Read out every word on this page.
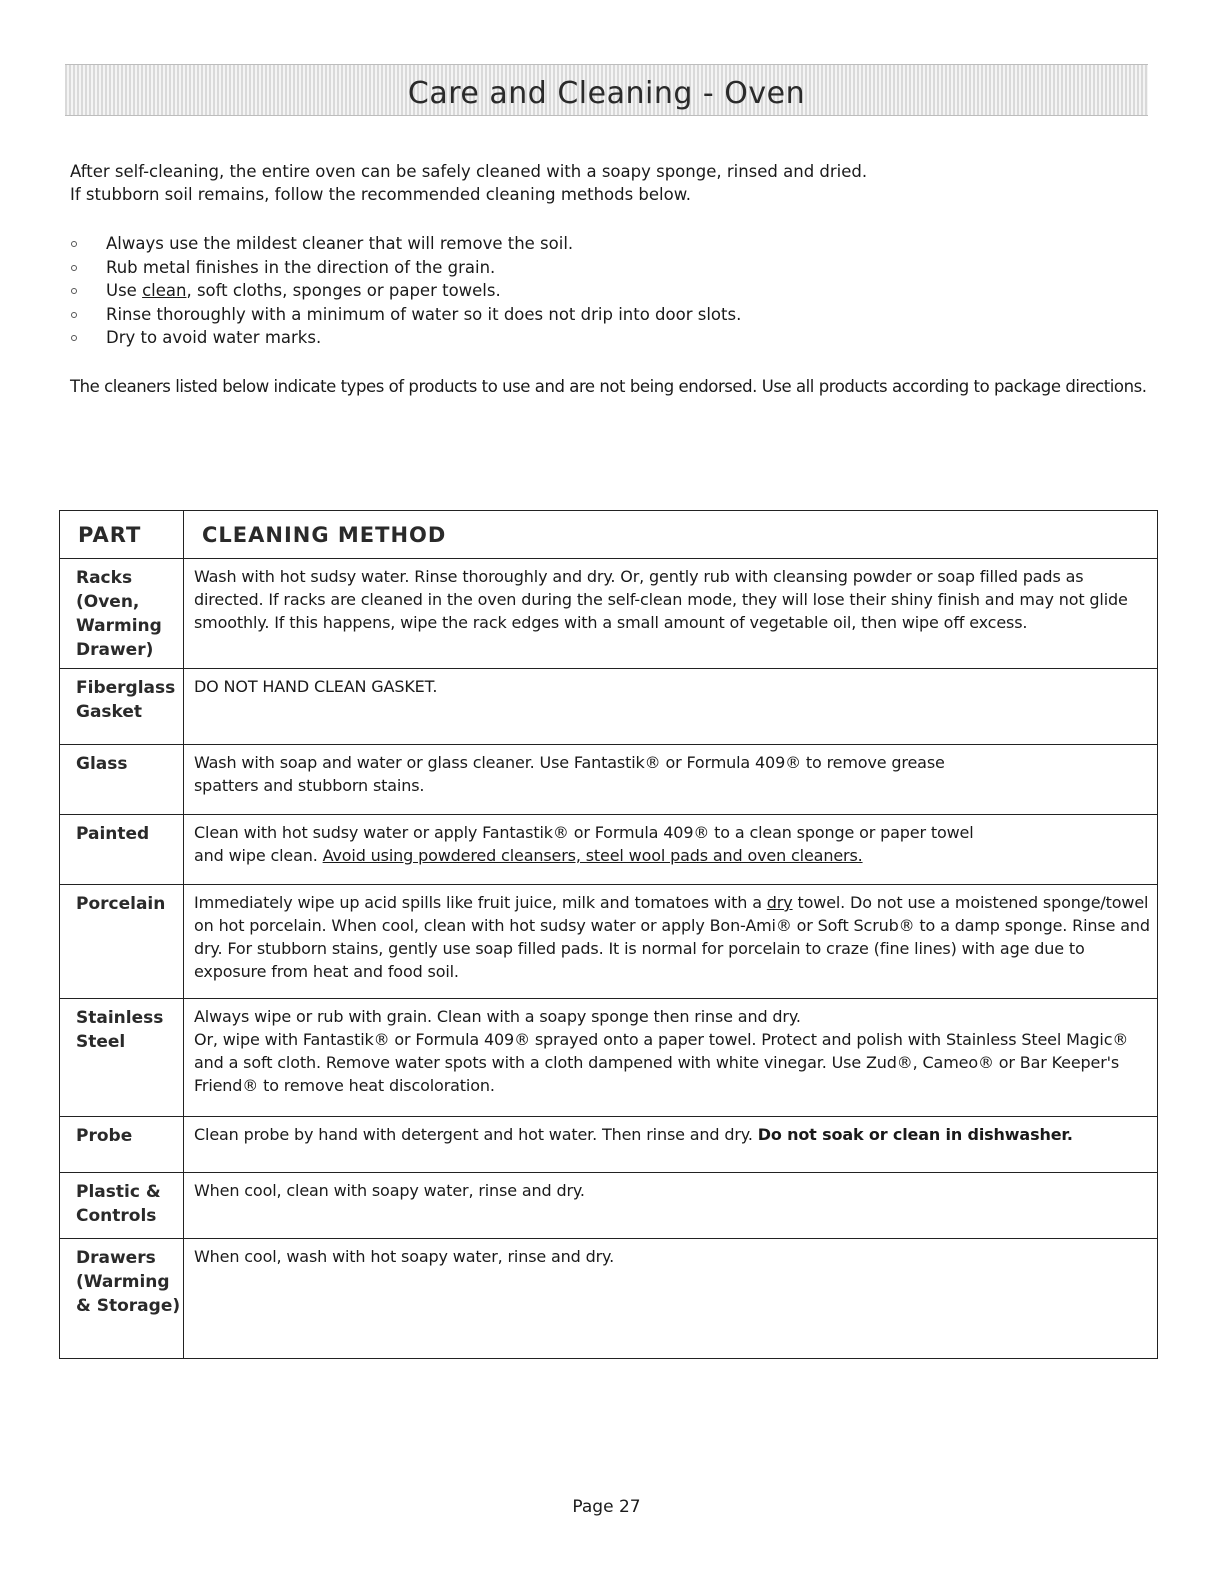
Care and Cleaning - Oven
After self-cleaning, the entire oven can be safely cleaned with a soapy sponge, rinsed and dried.
If stubborn soil remains, follow the recommended cleaning methods below.
Always use the mildest cleaner that will remove the soil.
Rub metal finishes in the direction of the grain.
Use clean, soft cloths, sponges or paper towels.
Rinse thoroughly with a minimum of water so it does not drip into door slots.
Dry to avoid water marks.
The cleaners listed below indicate types of products to use and are not being endorsed. Use all products according to package directions.
PART	CLEANING METHOD
Racks (Oven, Warming Drawer)	Wash with hot sudsy water. Rinse thoroughly and dry. Or, gently rub with cleansing powder or soap filled pads as directed. If racks are cleaned in the oven during the self-clean mode, they will lose their shiny finish and may not glide smoothly. If this happens, wipe the rack edges with a small amount of vegetable oil, then wipe off excess.
Fiberglass Gasket	DO NOT HAND CLEAN GASKET.
Glass	Wash with soap and water or glass cleaner. Use Fantastik® or Formula 409® to remove grease
spatters and stubborn stains.

Painted	Clean with hot sudsy water or apply Fantastik® or Formula 409® to a clean sponge or paper towel
and wipe clean. Avoid using powdered cleansers, steel wool pads and oven cleaners.

Porcelain	Immediately wipe up acid spills like fruit juice, milk and tomatoes with a dry towel. Do not use a moistened sponge/towel on hot porcelain. When cool, clean with hot sudsy water or apply Bon-Ami® or Soft Scrub® to a damp sponge. Rinse and dry. For stubborn stains, gently use soap filled pads. It is normal for porcelain to craze (fine lines) with age due to exposure from heat and food soil.
Stainless Steel	Always wipe or rub with grain. Clean with a soapy sponge then rinse and dry.
Or, wipe with Fantastik® or Formula 409® sprayed onto a paper towel. Protect and polish with Stainless Steel Magic® and a soft cloth. Remove water spots with a cloth dampened with white vinegar. Use Zud®, Cameo® or Bar Keeper's Friend® to remove heat discoloration.

Probe	Clean probe by hand with detergent and hot water. Then rinse and dry. Do not soak or clean in dishwasher.
Plastic & Controls	When cool, clean with soapy water, rinse and dry.
Drawers (Warming & Storage)	When cool, wash with hot soapy water, rinse and dry.
Page 27
